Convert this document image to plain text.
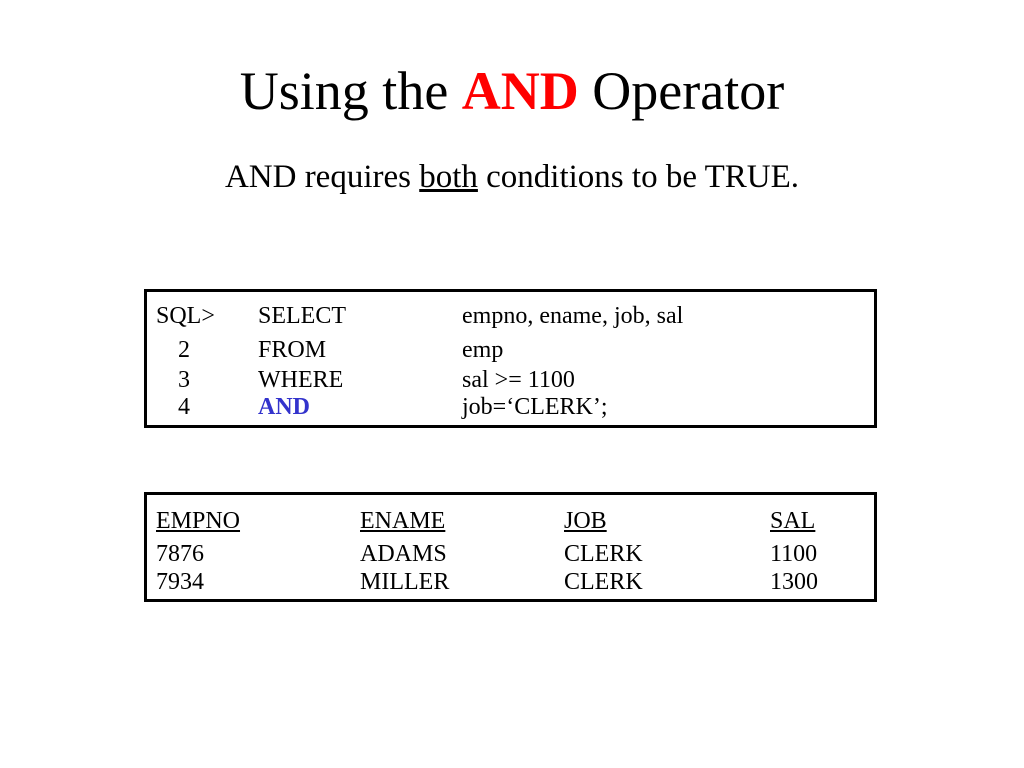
Using the AND Operator
AND requires both conditions to be TRUE.
SQL> SELECT	empno, ename, job, sal
2	FROM	emp
3	WHERE	sal >= 1100
4	AND	job=‘CLERK’;
EMPNO	ENAME	JOB	SAL
7876	ADAMS	CLERK	1100
7934	MILLER	CLERK	1300
